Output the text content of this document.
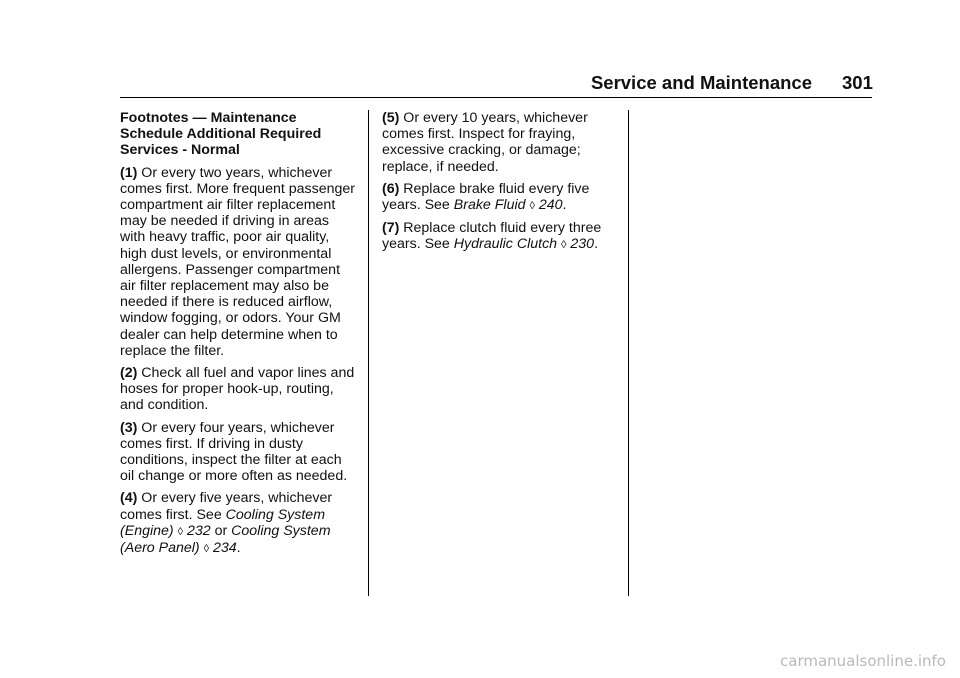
Service and Maintenance 301
Footnotes — Maintenance Schedule Additional Required Services - Normal

(1) Or every two years, whichever comes first. More frequent passenger compartment air filter replacement may be needed if driving in areas with heavy traffic, poor air quality, high dust levels, or environmental allergens. Passenger compartment air filter replacement may also be needed if there is reduced airflow, window fogging, or odors. Your GM dealer can help determine when to replace the filter.

(2) Check all fuel and vapor lines and hoses for proper hook-up, routing, and condition.

(3) Or every four years, whichever comes first. If driving in dusty conditions, inspect the filter at each oil change or more often as needed.

(4) Or every five years, whichever comes first. See Cooling System (Engine) ◊ 232 or Cooling System (Aero Panel) ◊ 234.

(5) Or every 10 years, whichever comes first. Inspect for fraying, excessive cracking, or damage; replace, if needed.

(6) Replace brake fluid every five years. See Brake Fluid ◊ 240.

(7) Replace clutch fluid every three years. See Hydraulic Clutch ◊ 230.

carmanualsonline.info
